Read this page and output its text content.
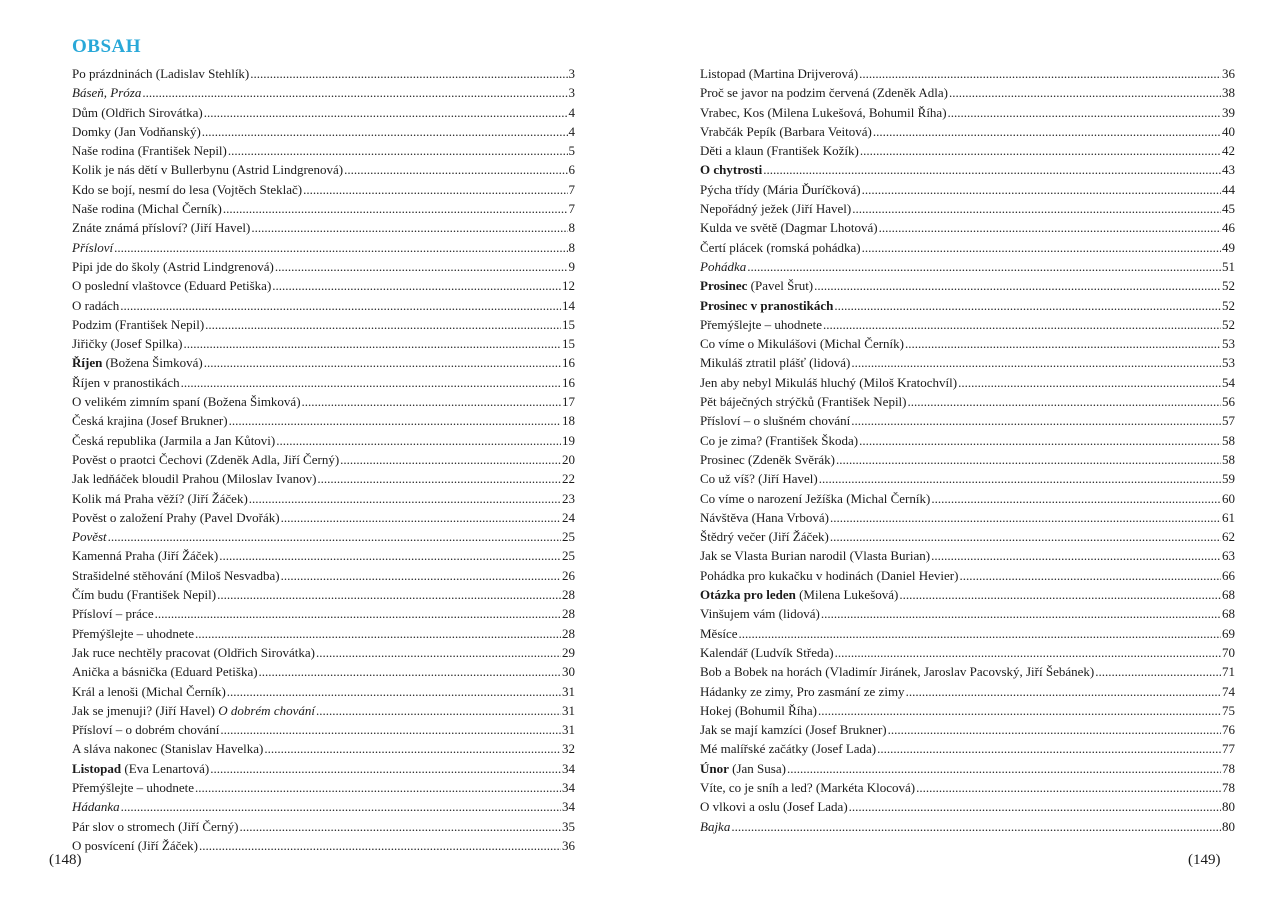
OBSAH
Po prázdninách (Ladislav Stehlík) .....	3
Báseň, Próza .....	3
Dům (Oldřich Sirovátka) .....	4
Domky (Jan Vodňanský) .....	4
Naše rodina (František Nepil) .....	5
Kolik je nás dětí v Bullerbynu (Astrid Lindgrenová) .....	6
Kdo se bojí, nesmí do lesa (Vojtěch Steklač) .....	7
Naše rodina (Michal Černík) .....	7
Znáte známá přísloví? (Jiří Havel) .....	8
Přísloví .....	8
Pipi jde do školy (Astrid Lindgrenová) .....	9
O poslední vlaštovce (Eduard Petiška) .....	12
O radách .....	14
Podzim (František Nepil) .....	15
Jiřičky (Josef Spilka) .....	15
Říjen (Božena Šimková) .....	16
Říjen v pranostikách .....	16
O velikém zimním spaní (Božena Šimková) .....	17
Česká krajina (Josef Brukner) .....	18
Česká republika (Jarmila a Jan Kůtovi) .....	19
Pověst o praotci Čechovi (Zdeněk Adla, Jiří Černý) .....	20
Jak ledňáček bloudil Prahou (Miloslav Ivanov) .....	22
Kolik má Praha věží? (Jiří Žáček) .....	23
Pověst o založení Prahy (Pavel Dvořák) .....	24
Pověst .....	25
Kamenná Praha (Jiří Žáček) .....	25
Strašidelné stěhování (Miloš Nesvadba) .....	26
Čím budu (František Nepil) .....	28
Přísloví – práce .....	28
Přemýšlejte – uhodnete .....	28
Jak ruce nechtěly pracovat (Oldřich Sirovátka) .....	29
Anička a básnička (Eduard Petiška) .....	30
Král a lenoši (Michal Černík) .....	31
Jak se jmenuji? (Jiří Havel) O dobrém chování .....	31
Přísloví – o dobrém chování .....	31
A sláva nakonec (Stanislav Havelka) .....	32
Listopad (Eva Lenartová) .....	34
Přemýšlejte – uhodnete .....	34
Hádanka .....	34
Pár slov o stromech (Jiří Černý) .....	35
O posvícení (Jiří Žáček) .....	36
(148)
Listopad (Martina Drijverová) .....	36
Proč se javor na podzim červená (Zdeněk Adla) .....	38
Vrabec, Kos (Milena Lukešová, Bohumil Říha) .....	39
Vrabčák Pepík (Barbara Veitová) .....	40
Děti a klaun (František Kožík) .....	42
O chytrosti .....	43
Pýcha třídy (Mária Ďuríčková) .....	44
Nepořádný ježek (Jiří Havel) .....	45
Kulda ve světě (Dagmar Lhotová) .....	46
Čertí plácek (romská pohádka) .....	49
Pohádka .....	51
Prosinec (Pavel Šrut) .....	52
Prosinec v pranostikách .....	52
Přemýšlejte – uhodnete .....	52
Co víme o Mikulášovi (Michal Černík) .....	53
Mikuláš ztratil plášť (lidová) .....	53
Jen aby nebyl Mikuláš hluchý (Miloš Kratochvíl) .....	54
Pět báječných strýčků (František Nepil) .....	56
Přísloví – o slušném chování .....	57
Co je zima? (František Škoda) .....	58
Prosinec (Zdeněk Svěrák) .....	58
Co už víš? (Jiří Havel) .....	59
Co víme o narození Ježíška (Michal Černík) .....	60
Návštěva (Hana Vrbová) .....	61
Štědrý večer (Jiří Žáček) .....	62
Jak se Vlasta Burian narodil (Vlasta Burian) .....	63
Pohádka pro kukačku v hodinách (Daniel Hevier) .....	66
Otázka pro leden (Milena Lukešová) .....	68
Vinšujem vám (lidová) .....	68
Měsíce .....	69
Kalendář (Ludvík Středa) .....	70
Bob a Bobek na horách (Vladimír Jiránek, Jaroslav Pacovský, Jiří Šebánek) .....	71
Hádanky ze zimy, Pro zasmání ze zimy .....	74
Hokej (Bohumil Říha) .....	75
Jak se mají kamzíci (Josef Brukner) .....	76
Mé malířské začátky (Josef Lada) .....	77
Únor (Jan Susa) .....	78
Víte, co je sníh a led? (Markéta Klocová) .....	78
O vlkovi a oslu (Josef Lada) .....	80
Bajka .....	80
(149)
